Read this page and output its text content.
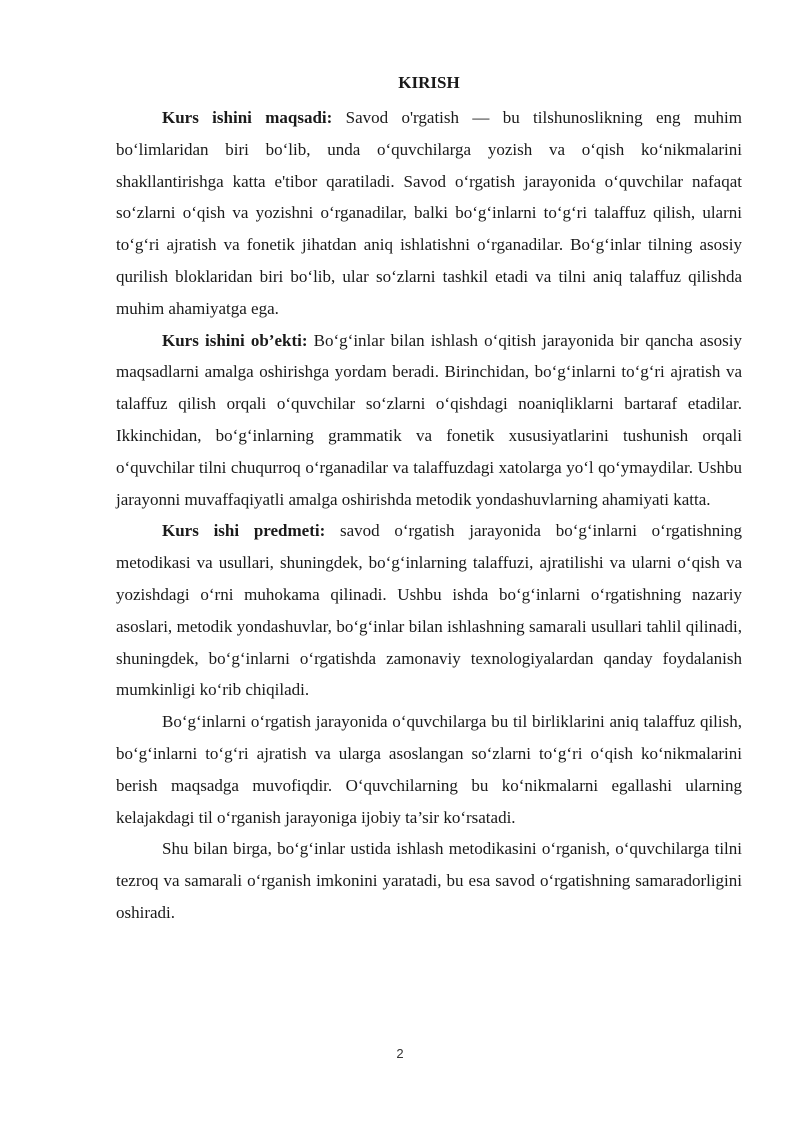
KIRISH

Kurs ishini maqsadi: Savod o'rgatish — bu tilshunoslikning eng muhim boʻlimlaridan biri boʻlib, unda oʻquvchilarga yozish va oʻqish koʻnikmalarini shakllantirishga katta e'tibor qaratiladi. Savod oʻrgatish jarayonida oʻquvchilar nafaqat soʻzlarni oʻqish va yozishni oʻrganadilar, balki boʻgʻinlarni toʻgʻri talaffuz qilish, ularni toʻgʻri ajratish va fonetik jihatdan aniq ishlatishni oʻrganadilar. Boʻgʻinlar tilning asosiy qurilish bloklaridan biri boʻlib, ular soʻzlarni tashkil etadi va tilni aniq talaffuz qilishda muhim ahamiyatga ega.

Kurs ishini ob’ekti: Boʻgʻinlar bilan ishlash oʻqitish jarayonida bir qancha asosiy maqsadlarni amalga oshirishga yordam beradi. Birinchidan, boʻgʻinlarni toʻgʻri ajratish va talaffuz qilish orqali oʻquvchilar soʻzlarni oʻqishdagi noaniqliklarni bartaraf etadilar. Ikkinchidan, boʻgʻinlarning grammatik va fonetik xususiyatlarini tushunish orqali oʻquvchilar tilni chuqurroq oʻrganadilar va talaffuzdagi xatolarga yoʻl qoʻymaydilar. Ushbu jarayonni muvaffaqiyatli amalga oshirishda metodik yondashuvlarning ahamiyati katta.

Kurs ishi predmeti: savod oʻrgatish jarayonida boʻgʻinlarni oʻrgatishning metodikasi va usullari, shuningdek, boʻgʻinlarning talaffuzi, ajratilishi va ularni oʻqish va yozishdagi oʻrni muhokama qilinadi. Ushbu ishda boʻgʻinlarni oʻrgatishning nazariy asoslari, metodik yondashuvlar, boʻgʻinlar bilan ishlashning samarali usullari tahlil qilinadi, shuningdek, boʻgʻinlarni oʻrgatishda zamonaviy texnologiyalardan qanday foydalanish mumkinligi koʻrib chiqiladi.

Boʻgʻinlarni oʻrgatish jarayonida oʻquvchilarga bu til birliklarini aniq talaffuz qilish, boʻgʻinlarni toʻgʻri ajratish va ularga asoslangan soʻzlarni toʻgʻri oʻqish koʻnikmalarini berish maqsadga muvofiqdir. Oʻquvchilarning bu koʻnikmalarni egallashi ularning kelajakdagi til oʻrganish jarayoniga ijobiy ta’sir koʻrsatadi.

Shu bilan birga, boʻgʻinlar ustida ishlash metodikasini oʻrganish, oʻquvchilarga tilni tezroq va samarali oʻrganish imkonini yaratadi, bu esa savod oʻrgatishning samaradorligini oshiradi.

2
